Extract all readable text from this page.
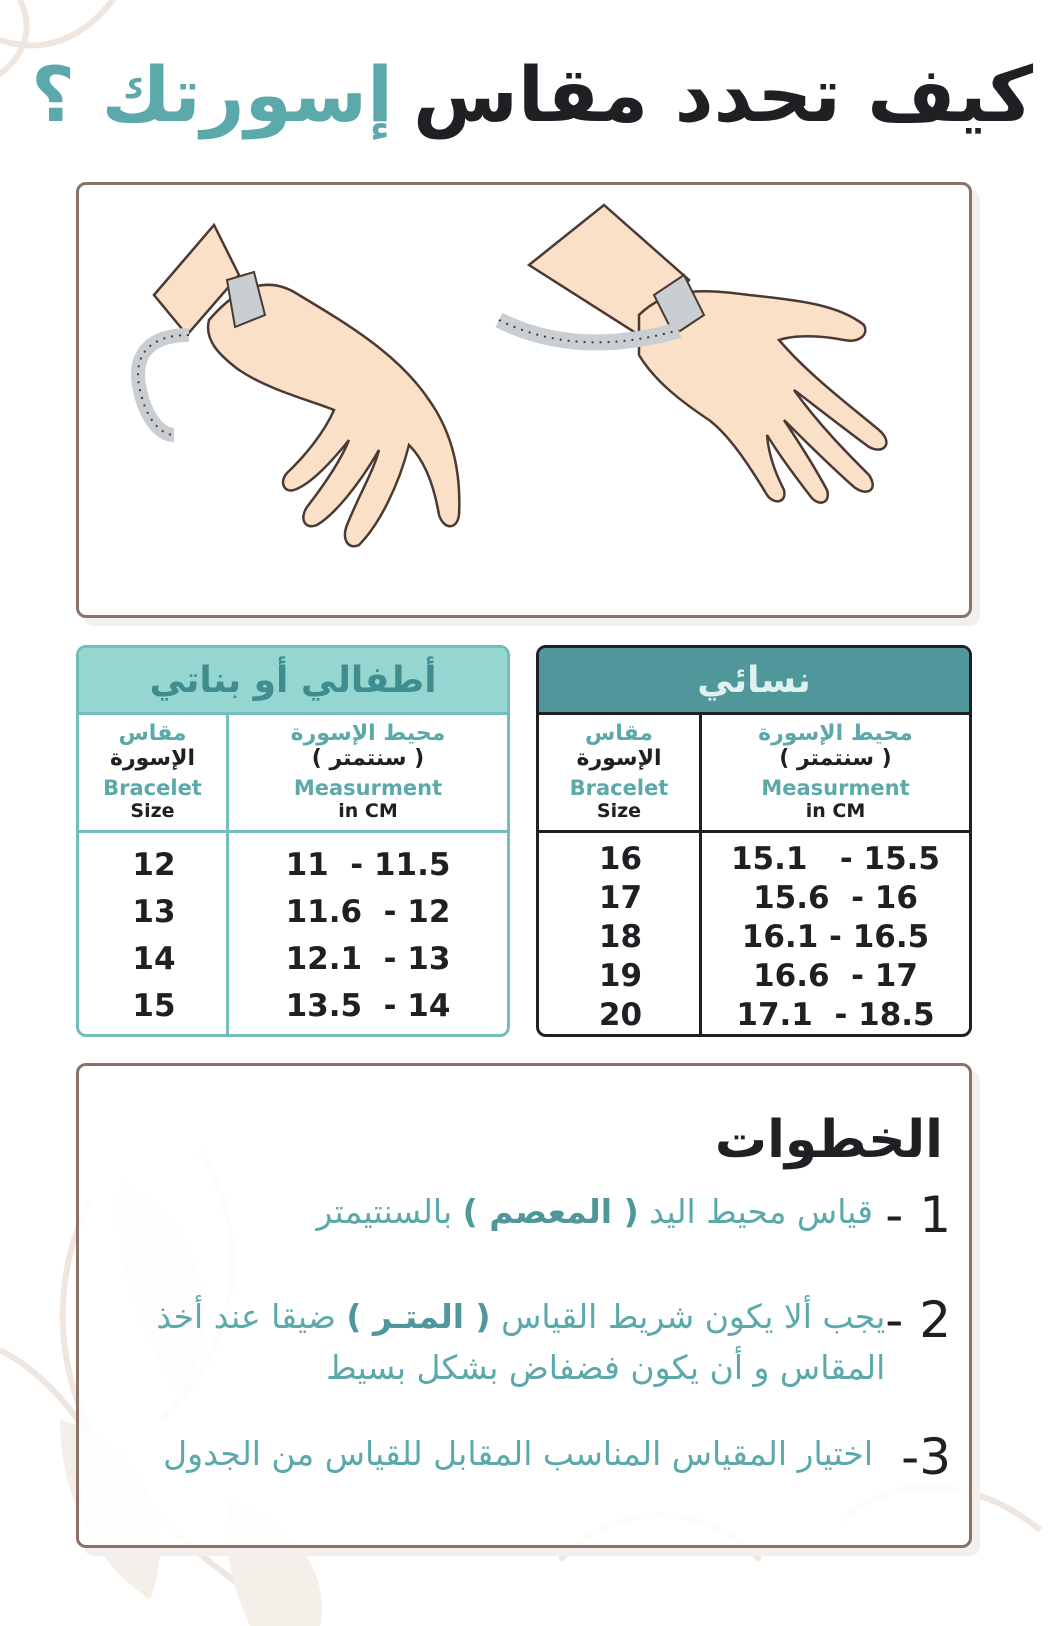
كيف تحدد مقاس
إسورتك ؟
أطفالي أو بناتي
مقاس
الإسورة
Bracelet
Size
محيط الإسورة
( سنتمتر )
Measurment
in CM
12	11  - 11.5
13	11.6  - 12
14	12.1  - 13
15	13.5  - 14
نسائي
مقاس
الإسورة
Bracelet
Size
محيط الإسورة
( سنتمتر )
Measurment
in CM
16	15.1   - 15.5
17	15.6  - 16
18	16.1 - 16.5
19	16.6  - 17
20	17.1  - 18.5
الخطوات
1 -
قياس محيط اليد ( المعصم ) بالسنتيمتر
2 -
يجب ألا يكون شريط القياس ( المتـر ) ضيقا عند أخذ المقاس و أن يكون فضفاض بشكل بسيط
3-
اختيار المقياس المناسب المقابل للقياس من الجدول
